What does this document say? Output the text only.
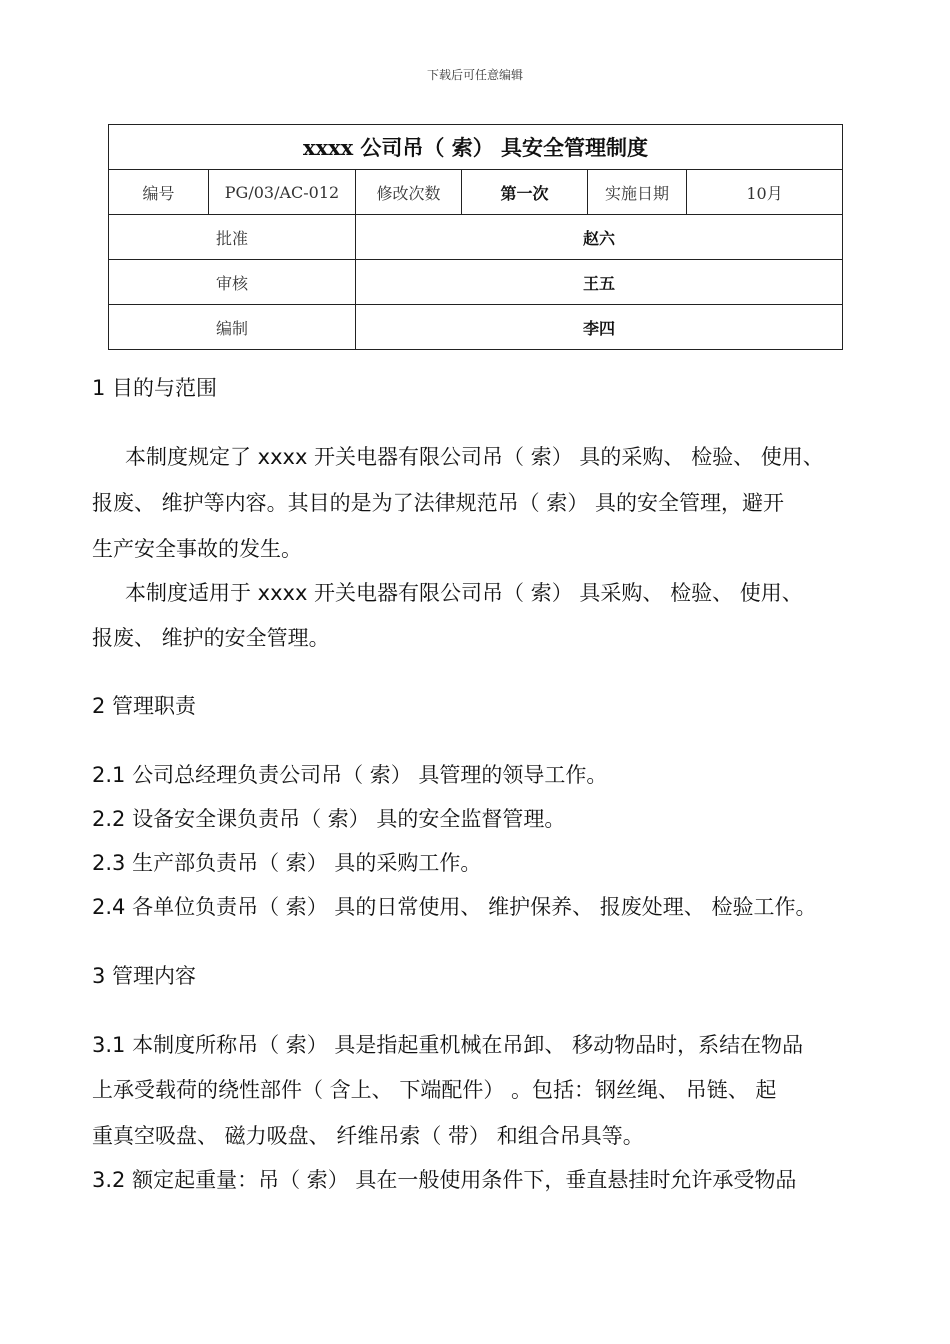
下载后可任意编辑
xxxx 公司吊（ 索） 具安全管理制度					
编号	PG/03/AC-012	修改次数	第一次	实施日期	10月
批准		赵六			
审核		王五			
编制		李四			
1 目的与范围
本制度规定了 xxxx 开关电器有限公司吊（ 索） 具的采购、 检验、 使用、
报废、 维护等内容。其目的是为了法律规范吊（ 索） 具的安全管理，避开
生产安全事故的发生。
本制度适用于 xxxx 开关电器有限公司吊（ 索） 具采购、 检验、 使用、
报废、 维护的安全管理。
2 管理职责
2.1 公司总经理负责公司吊（ 索） 具管理的领导工作。
2.2 设备安全课负责吊（ 索） 具的安全监督管理。
2.3 生产部负责吊（ 索） 具的采购工作。
2.4 各单位负责吊（ 索） 具的日常使用、 维护保养、 报废处理、 检验工作。
3 管理内容
3.1 本制度所称吊（ 索） 具是指起重机械在吊卸、 移动物品时，系结在物品
上承受载荷的绕性部件（ 含上、 下端配件） 。包括：钢丝绳、 吊链、 起
重真空吸盘、 磁力吸盘、 纤维吊索（ 带） 和组合吊具等。
3.2 额定起重量：吊（ 索） 具在一般使用条件下，垂直悬挂时允许承受物品
